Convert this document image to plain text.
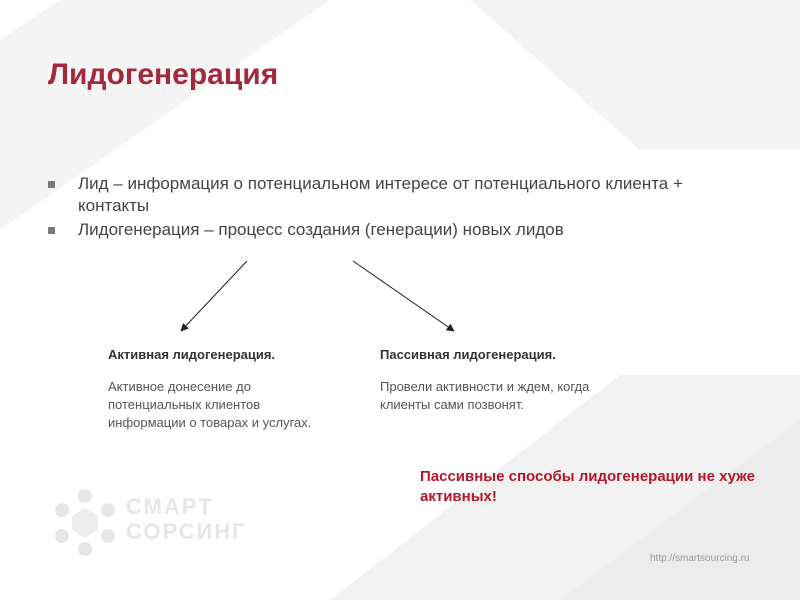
Лидогенерация
Лид – информация о потенциальном интересе от потенциального клиента + контакты
Лидогенерация – процесс создания (генерации) новых лидов

Активная лидогенерация.

Активное донесение до потенциальных клиентов информации о товарах и услугах.

Пассивная лидогенерация.

Провели активности и ждем, когда клиенты сами позвонят.

Пассивные способы лидогенерации не хуже активных!
СМАРТ
СОРСИНГ
http://smartsourcing.ru
